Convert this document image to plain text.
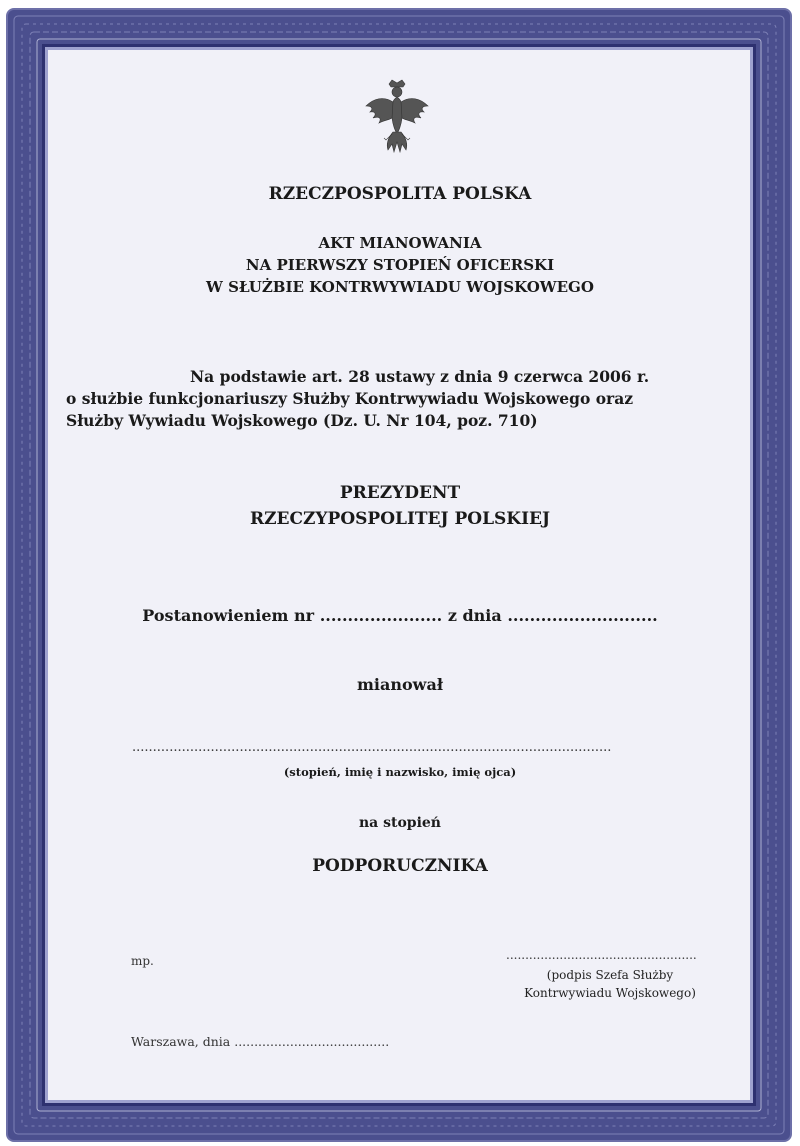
RZECZPOSPOLITA POLSKA
AKT MIANOWANIA
NA PIERWSZY STOPIEŃ OFICERSKI
W SŁUŻBIE KONTRWYWIADU WOJSKOWEGO
Na podstawie art. 28 ustawy z dnia 9 czerwca 2006 r.
o służbie funkcjonariuszy Służby Kontrwywiadu Wojskowego oraz
Służby Wywiadu Wojskowego (Dz. U. Nr 104, poz. 710)
PREZYDENT
RZECZYPOSPOLITEJ POLSKIEJ
Postanowieniem nr ...................... z dnia ...........................
mianował
....................................................................................................................
(stopień, imię i nazwisko, imię ojca)
na stopień
PODPORUCZNIKA
mp.	..................................................
(podpis Szefa Służby
Kontrwywiadu Wojskowego)
Warszawa, dnia .......................................
